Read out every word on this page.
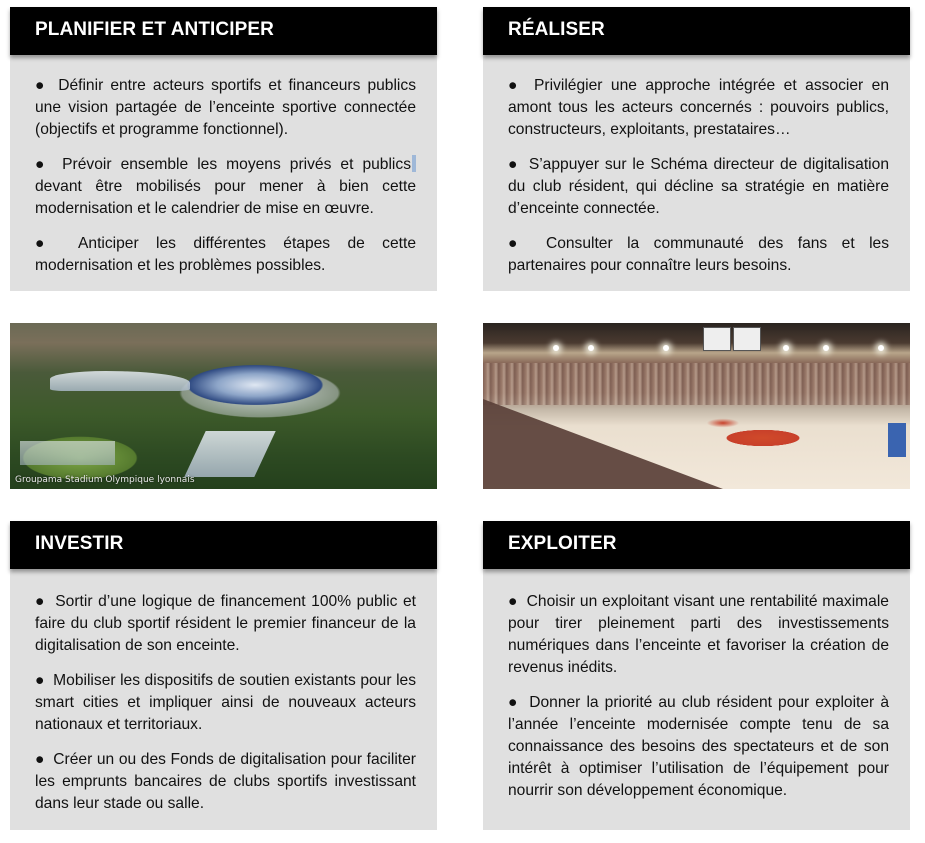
PLANIFIER ET ANTICIPER

● Définir entre acteurs sportifs et financeurs publics une vision partagée de l’enceinte sportive connectée (objectifs et programme fonctionnel).

● Prévoir ensemble les moyens privés et publics devant être mobilisés pour mener à bien cette modernisation et le calendrier de mise en œuvre.

● Anticiper les différentes étapes de cette modernisation et les problèmes possibles.

RÉALISER

● Privilégier une approche intégrée et associer en amont tous les acteurs concernés : pouvoirs publics, constructeurs, exploitants, prestataires…

● S’appuyer sur le Schéma directeur de digitalisation du club résident, qui décline sa stratégie en matière d’enceinte connectée.

● Consulter la communauté des fans et les partenaires pour connaître leurs besoins.

Groupama Stadium Olympique lyonnais
INVESTIR

● Sortir d’une logique de financement 100% public et faire du club sportif résident le premier financeur de la digitalisation de son enceinte.

● Mobiliser les dispositifs de soutien existants pour les smart cities et impliquer ainsi de nouveaux acteurs nationaux et territoriaux.

● Créer un ou des Fonds de digitalisation pour faciliter les emprunts bancaires de clubs sportifs investissant dans leur stade ou salle.

EXPLOITER

● Choisir un exploitant visant une rentabilité maximale pour tirer pleinement parti des investissements numériques dans l’enceinte et favoriser la création de revenus inédits.

● Donner la priorité au club résident pour exploiter à l’année l’enceinte modernisée compte tenu de sa connaissance des besoins des spectateurs et de son intérêt à optimiser l’utilisation de l’équipement pour nourrir son développement économique.
